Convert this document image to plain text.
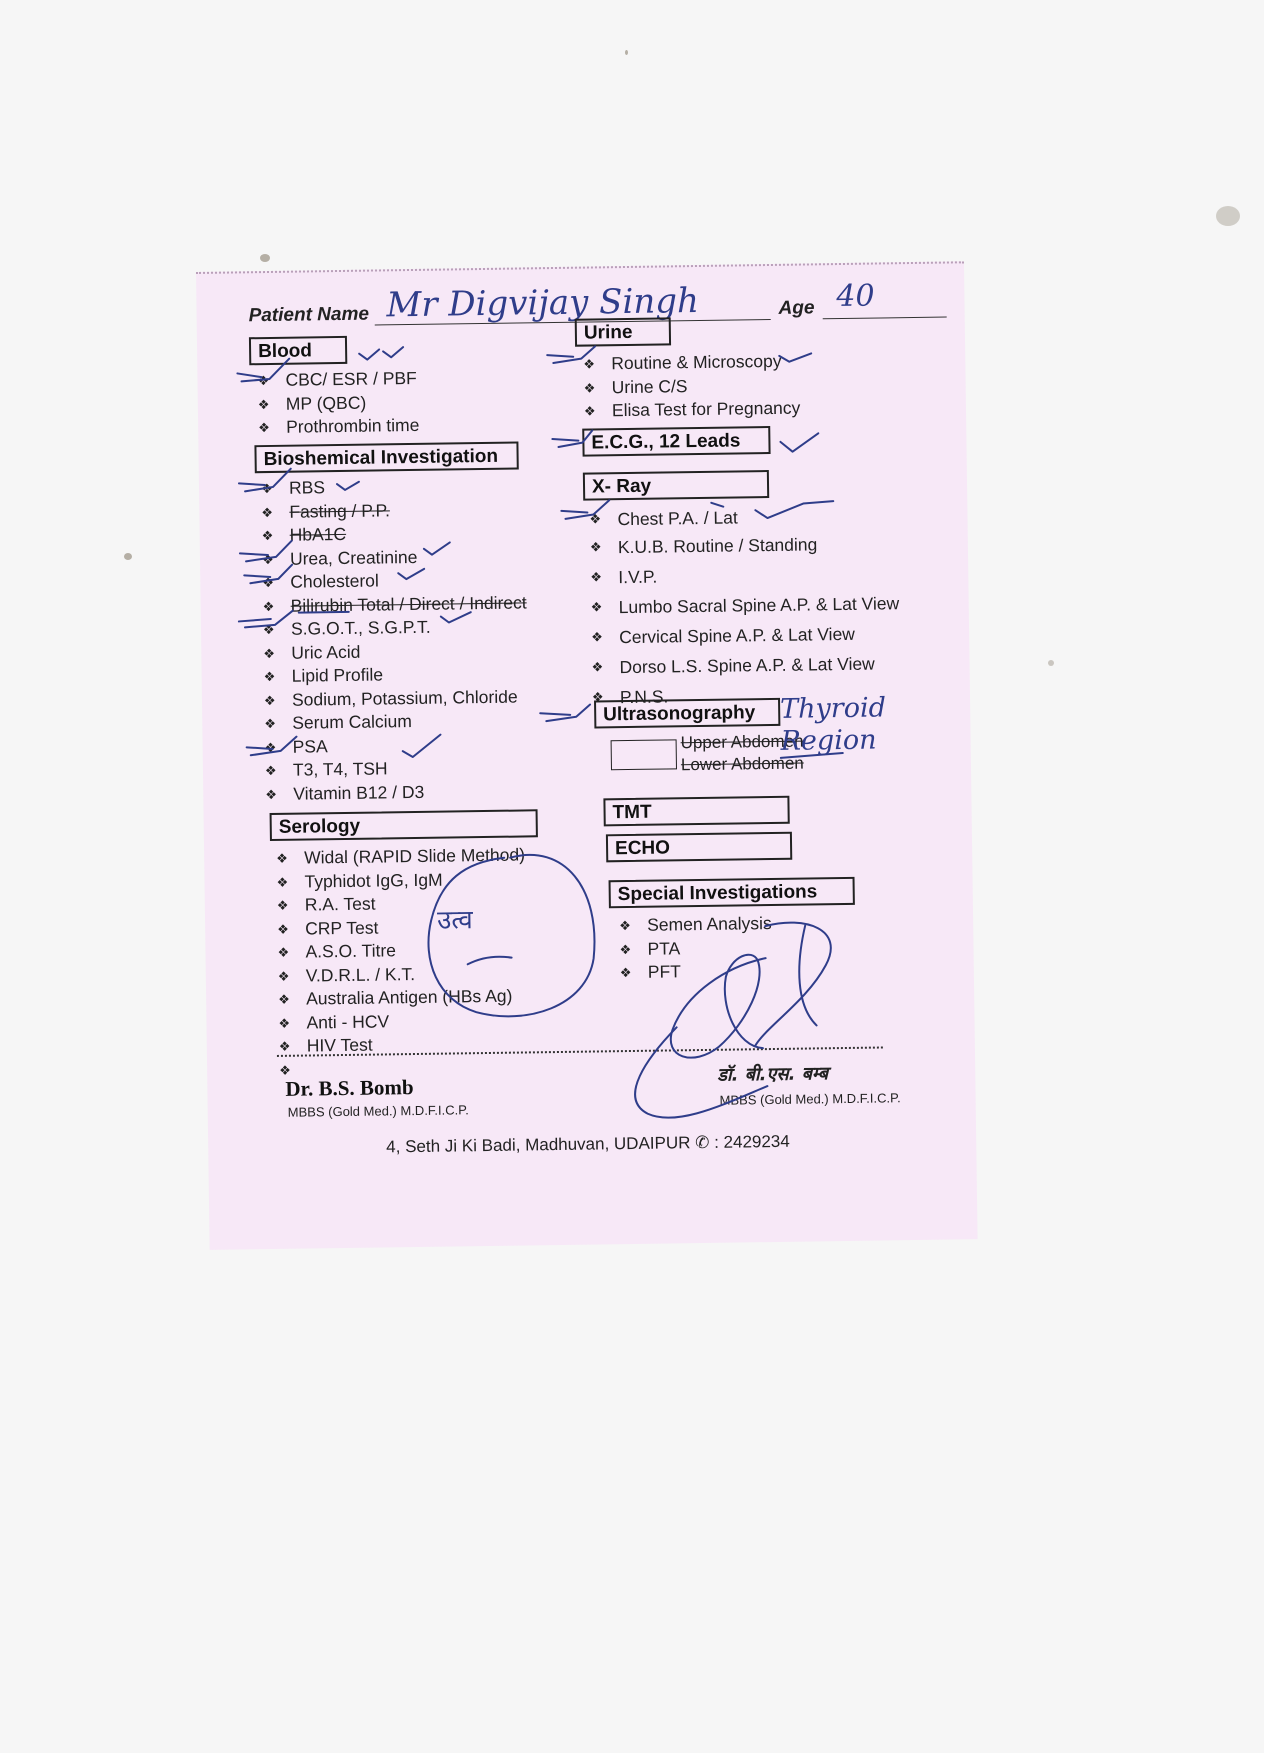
Patient Name Mr Digvijay Singh	Age 40
Blood
❖ CBC/ ESR / PBF
❖ MP (QBC)
❖ Prothrombin time
Bioshemical Investigation
❖ RBS
❖ Fasting / P.P.
❖ HbA1C
❖ Urea, Creatinine
❖ Cholesterol
❖ Bilirubin Total / Direct / Indirect
❖ S.G.O.T., S.G.P.T.
❖ Uric Acid
❖ Lipid Profile
❖ Sodium, Potassium, Chloride
❖ Serum Calcium
❖ PSA
❖ T3, T4, TSH
❖ Vitamin B12 / D3
Serology
❖ Widal (RAPID Slide Method)
❖ Typhidot IgG, IgM
❖ R.A. Test
❖ CRP Test
❖ A.S.O. Titre
❖ V.D.R.L. / K.T.
❖ Australia Antigen (HBs Ag)
❖ Anti - HCV
❖ HIV Test
❖
Urine
❖ Routine & Microscopy
❖ Urine C/S
❖ Elisa Test for Pregnancy
E.C.G., 12 Leads
X- Ray
❖ Chest P.A. / Lat
❖ K.U.B. Routine / Standing
❖ I.V.P.
❖ Lumbo Sacral Spine A.P. & Lat View
❖ Cervical Spine A.P. & Lat View
❖ Dorso L.S. Spine A.P. & Lat View
❖ P.N.S.
Ultrasonography
Upper Abdomen
Lower Abdomen
Thyroid Region
TMT
ECHO
Special Investigations
❖ Semen Analysis
❖ PTA
❖ PFT
उत्व
Dr. B.S. Bomb
MBBS (Gold Med.) M.D.F.I.C.P.
डॉ. बी.एस. बम्ब
MBBS (Gold Med.) M.D.F.I.C.P.
4, Seth Ji Ki Badi, Madhuvan, UDAIPUR ✆ : 2429234
